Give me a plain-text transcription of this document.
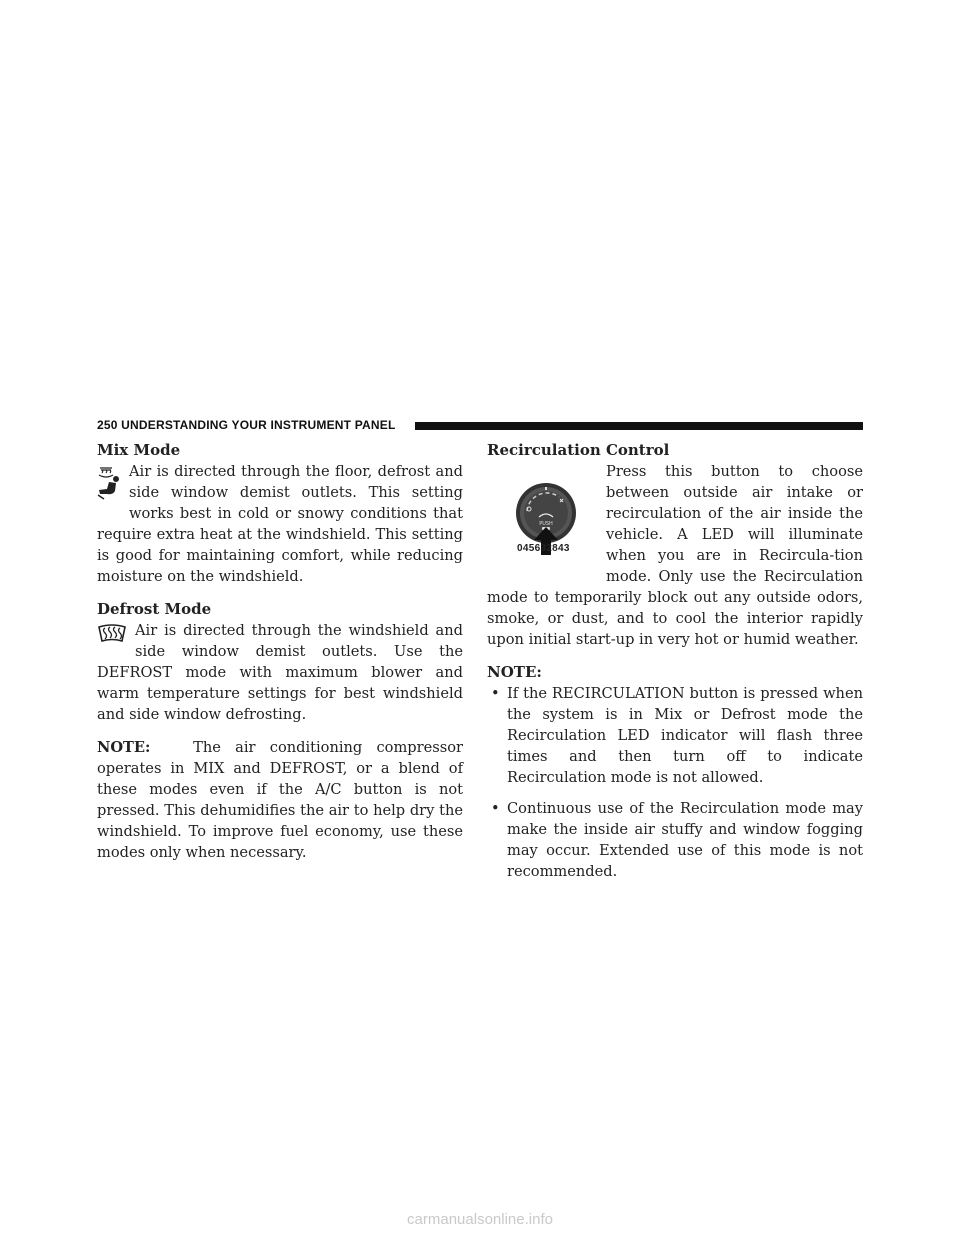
250 UNDERSTANDING YOUR INSTRUMENT PANEL
Mix Mode

Air is directed through the floor, defrost and side window demist outlets. This setting works best in cold or snowy conditions that require extra heat at the windshield. This setting is good for maintaining comfort, while reducing moisture on the windshield.

Defrost Mode

Air is directed through the windshield and side window demist outlets. Use the DEFROST mode with maximum blower and warm temperature settings for best windshield and side window defrosting.

NOTE:	The air conditioning compressor operates in MIX and DEFROST, or a blend of these modes even if the A/C button is not pressed. This dehumidifies the air to help dry the windshield. To improve fuel economy, use these modes only when necessary.

Recirculation Control
PUSH
045632843

Press this button to choose between outside air intake or recirculation of the air inside the vehicle. A LED will illuminate when you are in Recircula-tion mode. Only use the Recirculation mode to temporarily block out any outside odors, smoke, or dust, and to cool the interior rapidly upon initial start-up in very hot or humid weather.

NOTE:
• If the RECIRCULATION button is pressed when the system is in Mix or Defrost mode the Recirculation LED indicator will flash three times and then turn off to indicate Recirculation mode is not allowed.
• Continuous use of the Recirculation mode may make the inside air stuffy and window fogging may occur. Extended use of this mode is not recommended.
carmanualsonline.info
